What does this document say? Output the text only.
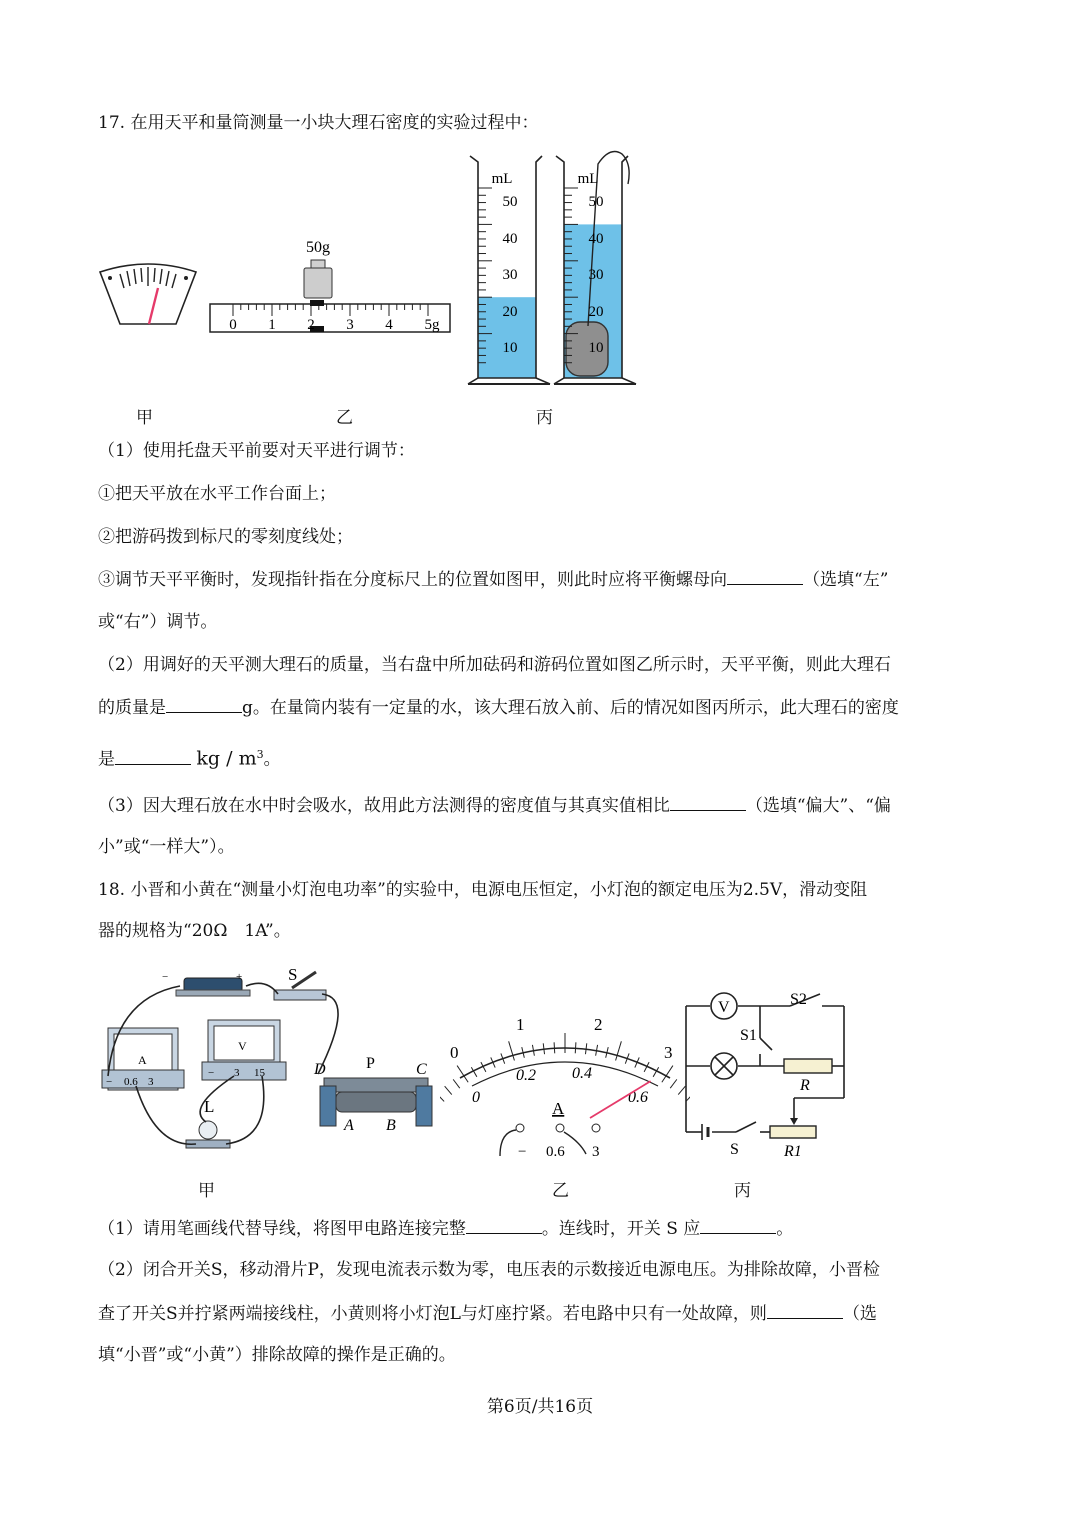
17. 在用天平和量筒测量一小块大理石密度的实验过程中：
50g
0 1 2 3 4 5g
mL
50
40
30
20
10
mL
50
40
30
20
10
甲	乙	丙
（1）使用托盘天平前要对天平进行调节：
①把天平放在水平工作台面上；
②把游码拨到标尺的零刻度线处；
③调节天平平衡时，发现指针指在分度标尺上的位置如图甲，则此时应将平衡螺母向	（选填“左”
或“右”）调节。
（2）用调好的天平测大理石的质量，当右盘中所加砝码和游码位置如图乙所示时，天平平衡，则此大理石
的质量是	g。在量筒内装有一定量的水，该大理石放入前、后的情况如图丙所示，此大理石的密度
是	kg / $m^3$。
（3）因大理石放在水中时会吸水，故用此方法测得的密度值与其真实值相比	（选填“偏大”、“偏
小”或“一样大”）。
18. 小晋和小黄在“测量小灯泡电功率”的实验中，电源电压恒定，小灯泡的额定电压为2.5V，滑动变阻
器的规格为“20Ω　1A”。
−	+	S
A
− 0.6 3
V
− 3 15
L
P
D	C
A B
0
1	2
3
0
0.2 0.4
0.6
A
− 0.6 3
V	S2
S1
R
S	R1
甲	乙	丙
（1）请用笔画线代替导线，将图甲电路连接完整	。连线时，开关 S 应	。
（2）闭合开关S，移动滑片P，发现电流表示数为零，电压表的示数接近电源电压。为排除故障，小晋检
查了开关S并拧紧两端接线柱，小黄则将小灯泡L与灯座拧紧。若电路中只有一处故障，则	（选
填“小晋”或“小黄”）排除故障的操作是正确的。
第6页/共16页
